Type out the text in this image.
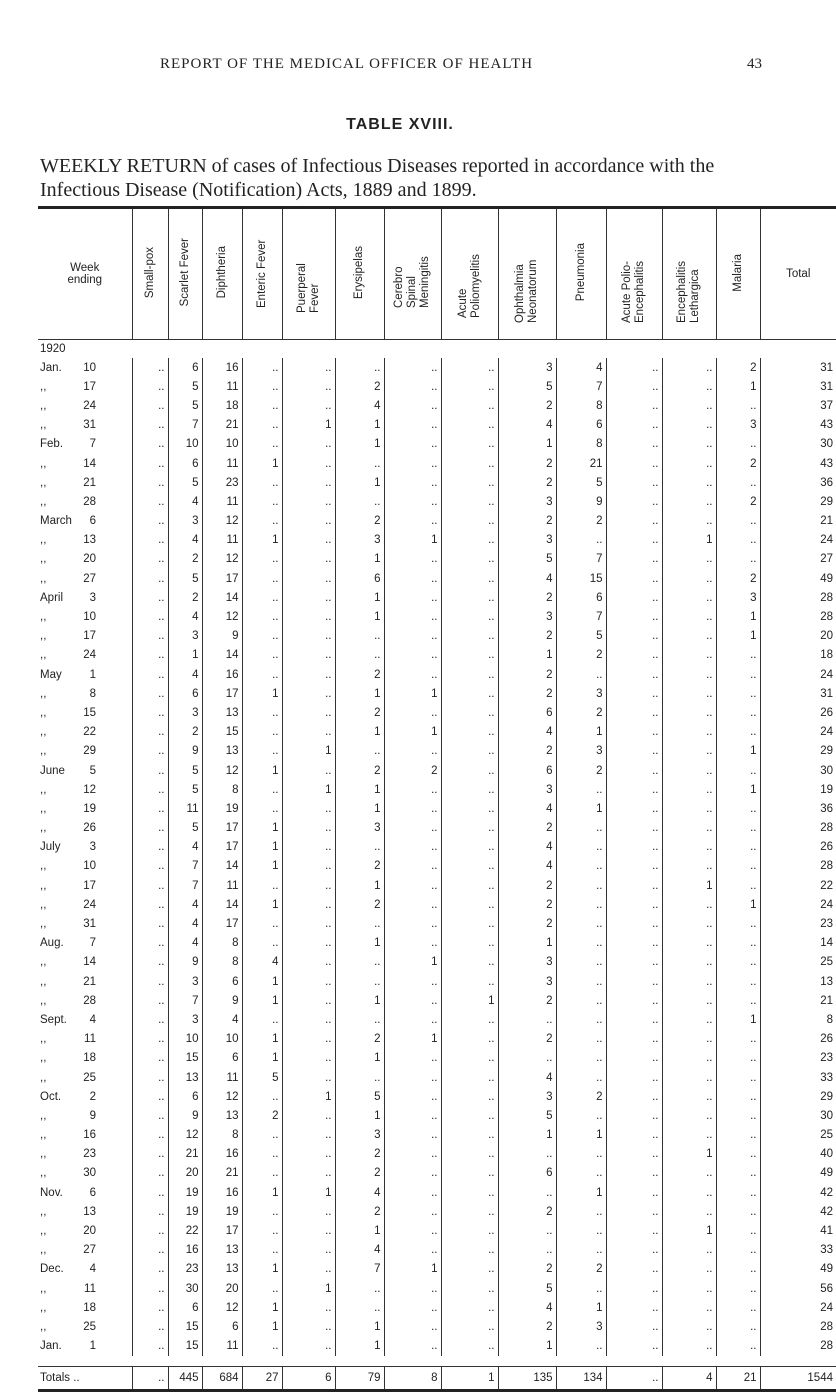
REPORT OF THE MEDICAL OFFICER OF HEALTH	43
TABLE XVIII.
WEEKLY RETURN of cases of Infectious Diseases reported in accordance with the Infectious Disease (Notification) Acts, 1889 and 1899.
Week ending	Small-pox	Scarlet Fever	Diphtheria	Enteric Fever	Puerperal Fever	Erysipelas	Cerebro Spinal Meningitis	Acute Poliomyelitis	Ophthalmia Neonatorum	Pneumonia	Acute Polio-Encephalitis	Encephalitis Lethargica	Malaria	Total
1920														
Jan. 10	..	6	16	..	..	..	..	..	3	4	..	..	2	31
,, 17	..	5	11	..	..	2	..	..	5	7	..	..	1	31
,, 24	..	5	18	..	..	4	..	..	2	8	..	..	..	37
,, 31	..	7	21	..	1	1	..	..	4	6	..	..	3	43
Feb. 7	..	10	10	..	..	1	..	..	1	8	..	..	..	30
,, 14	..	6	11	1	..	..	..	..	2	21	..	..	2	43
,, 21	..	5	23	..	..	1	..	..	2	5	..	..	..	36
,, 28	..	4	11	..	..	..	..	..	3	9	..	..	2	29
March 6	..	3	12	..	..	2	..	..	2	2	..	..	..	21
,, 13	..	4	11	1	..	3	1	..	3	..	..	1	..	24
,, 20	..	2	12	..	..	1	..	..	5	7	..	..	..	27
,, 27	..	5	17	..	..	6	..	..	4	15	..	..	2	49
April 3	..	2	14	..	..	1	..	..	2	6	..	..	3	28
,, 10	..	4	12	..	..	1	..	..	3	7	..	..	1	28
,, 17	..	3	9	..	..	..	..	..	2	5	..	..	1	20
,, 24	..	1	14	..	..	..	..	..	1	2	..	..	..	18
May 1	..	4	16	..	..	2	..	..	2	..	..	..	..	24
,, 8	..	6	17	1	..	1	1	..	2	3	..	..	..	31
,, 15	..	3	13	..	..	2	..	..	6	2	..	..	..	26
,, 22	..	2	15	..	..	1	1	..	4	1	..	..	..	24
,, 29	..	9	13	..	1	..	..	..	2	3	..	..	1	29
June 5	..	5	12	1	..	2	2	..	6	2	..	..	..	30
,, 12	..	5	8	..	1	1	..	..	3	..	..	..	1	19
,, 19	..	11	19	..	..	1	..	..	4	1	..	..	..	36
,, 26	..	5	17	1	..	3	..	..	2	..	..	..	..	28
July 3	..	4	17	1	..	..	..	..	4	..	..	..	..	26
,, 10	..	7	14	1	..	2	..	..	4	..	..	..	..	28
,, 17	..	7	11	..	..	1	..	..	2	..	..	1	..	22
,, 24	..	4	14	1	..	2	..	..	2	..	..	..	1	24
,, 31	..	4	17	..	..	..	..	..	2	..	..	..	..	23
Aug. 7	..	4	8	..	..	1	..	..	1	..	..	..	..	14
,, 14	..	9	8	4	..	..	1	..	3	..	..	..	..	25
,, 21	..	3	6	1	..	..	..	..	3	..	..	..	..	13
,, 28	..	7	9	1	..	1	..	1	2	..	..	..	..	21
Sept. 4	..	3	4	..	..	..	..	..	..	..	..	..	1	8
,, 11	..	10	10	1	..	2	1	..	2	..	..	..	..	26
,, 18	..	15	6	1	..	1	..	..	..	..	..	..	..	23
,, 25	..	13	11	5	..	..	..	..	4	..	..	..	..	33
Oct. 2	..	6	12	..	1	5	..	..	3	2	..	..	..	29
,, 9	..	9	13	2	..	1	..	..	5	..	..	..	..	30
,, 16	..	12	8	..	..	3	..	..	1	1	..	..	..	25
,, 23	..	21	16	..	..	2	..	..	..	..	..	1	..	40
,, 30	..	20	21	..	..	2	..	..	6	..	..	..	..	49
Nov. 6	..	19	16	1	1	4	..	..	..	1	..	..	..	42
,, 13	..	19	19	..	..	2	..	..	2	..	..	..	..	42
,, 20	..	22	17	..	..	1	..	..	..	..	..	1	..	41
,, 27	..	16	13	..	..	4	..	..	..	..	..	..	..	33
Dec. 4	..	23	13	1	..	7	1	..	2	2	..	..	..	49
,, 11	..	30	20	..	1	..	..	..	5	..	..	..	..	56
,, 18	..	6	12	1	..	..	..	..	4	1	..	..	..	24
,, 25	..	15	6	1	..	1	..	..	2	3	..	..	..	28
Jan. 1	..	15	11	..	..	1	..	..	1	..	..	..	..	28

Totals ..	..	445	684	27	6	79	8	1	135	134	..	4	21	1544
